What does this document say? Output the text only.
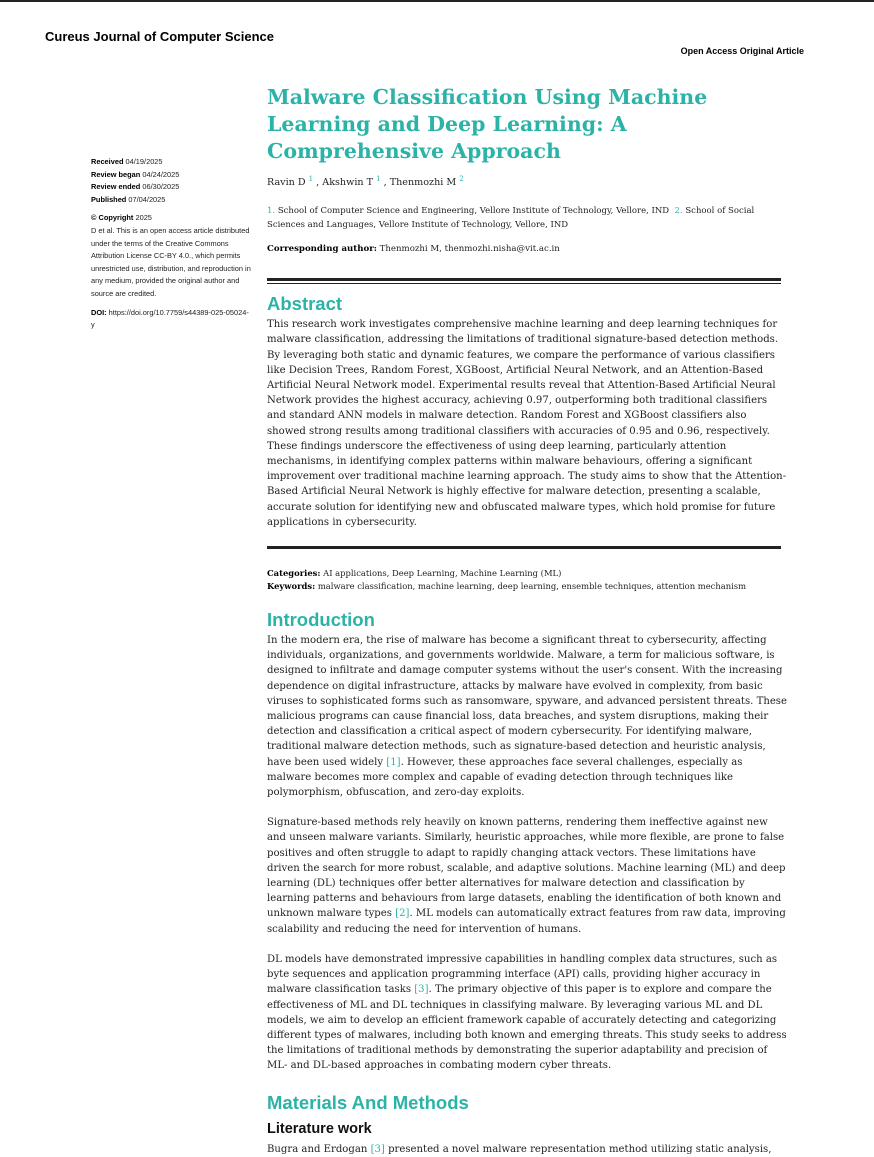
Cureus Journal of Computer Science
Open Access Original Article
Received 04/19/2025
Review began 04/24/2025
Review ended 06/30/2025
Published 07/04/2025
© Copyright 2025
D et al. This is an open access article distributed under the terms of the Creative Commons Attribution License CC-BY 4.0., which permits unrestricted use, distribution, and reproduction in any medium, provided the original author and source are credited.
DOI: https://doi.org/10.7759/s44389-025-05024-y
Malware Classification Using Machine Learning and Deep Learning: A Comprehensive Approach
Ravin D $^1$ , Akshwin T $^1$ , Thenmozhi M $^2$
1. School of Computer Science and Engineering, Vellore Institute of Technology, Vellore, IND 2. School of Social Sciences and Languages, Vellore Institute of Technology, Vellore, IND
Corresponding author: Thenmozhi M, thenmozhi.nisha@vit.ac.in
Abstract

This research work investigates comprehensive machine learning and deep learning techniques for malware classification, addressing the limitations of traditional signature-based detection methods. By leveraging both static and dynamic features, we compare the performance of various classifiers like Decision Trees, Random Forest, XGBoost, Artificial Neural Network, and an Attention-Based Artificial Neural Network model. Experimental results reveal that Attention-Based Artificial Neural Network provides the highest accuracy, achieving 0.97, outperforming both traditional classifiers and standard ANN models in malware detection. Random Forest and XGBoost classifiers also showed strong results among traditional classifiers with accuracies of 0.95 and 0.96, respectively. These findings underscore the effectiveness of using deep learning, particularly attention mechanisms, in identifying complex patterns within malware behaviours, offering a significant improvement over traditional machine learning approach. The study aims to show that the Attention-Based Artificial Neural Network is highly effective for malware detection, presenting a scalable, accurate solution for identifying new and obfuscated malware types, which hold promise for future applications in cybersecurity.

Categories: AI applications, Deep Learning, Machine Learning (ML)
Keywords: malware classification, machine learning, deep learning, ensemble techniques, attention mechanism
Introduction

In the modern era, the rise of malware has become a significant threat to cybersecurity, affecting individuals, organizations, and governments worldwide. Malware, a term for malicious software, is designed to infiltrate and damage computer systems without the user's consent. With the increasing dependence on digital infrastructure, attacks by malware have evolved in complexity, from basic viruses to sophisticated forms such as ransomware, spyware, and advanced persistent threats. These malicious programs can cause financial loss, data breaches, and system disruptions, making their detection and classification a critical aspect of modern cybersecurity. For identifying malware, traditional malware detection methods, such as signature-based detection and heuristic analysis, have been used widely [1]. However, these approaches face several challenges, especially as malware becomes more complex and capable of evading detection through techniques like polymorphism, obfuscation, and zero-day exploits.

Signature-based methods rely heavily on known patterns, rendering them ineffective against new and unseen malware variants. Similarly, heuristic approaches, while more flexible, are prone to false positives and often struggle to adapt to rapidly changing attack vectors. These limitations have driven the search for more robust, scalable, and adaptive solutions. Machine learning (ML) and deep learning (DL) techniques offer better alternatives for malware detection and classification by learning patterns and behaviours from large datasets, enabling the identification of both known and unknown malware types [2]. ML models can automatically extract features from raw data, improving scalability and reducing the need for intervention of humans.

DL models have demonstrated impressive capabilities in handling complex data structures, such as byte sequences and application programming interface (API) calls, providing higher accuracy in malware classification tasks [3]. The primary objective of this paper is to explore and compare the effectiveness of ML and DL techniques in classifying malware. By leveraging various ML and DL models, we aim to develop an efficient framework capable of accurately detecting and categorizing different types of malwares, including both known and emerging threats. This study seeks to address the limitations of traditional methods by demonstrating the superior adaptability and precision of ML- and DL-based approaches in combating modern cyber threats.

Materials And Methods
Literature work

Bugra and Erdogan [3] presented a novel malware representation method utilizing static analysis,
